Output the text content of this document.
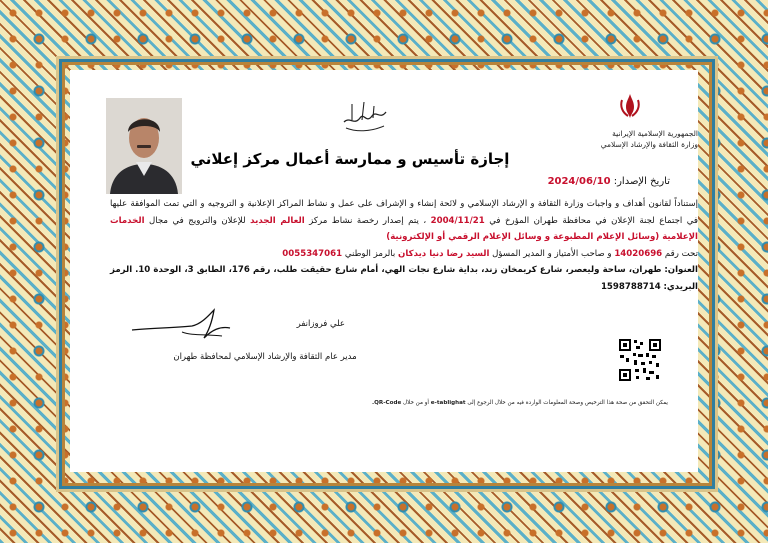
الجمهورية الإسلامية الإيرانية
وزارة الثقافة والإرشاد الإسلامي
إجازة تأسيس و ممارسة أعمال مركز إعلاني
تاريخ الإصدار: 2024/06/10
إستناداً لقانون أهداف و واجبات وزارة الثقافة و الإرشاد الإسلامي و لائحة إنشاء و الإشراف على عمل و نشاط المراكز الإعلانية و التروجيه و التي تمت الموافقة عليها في اجتماع لجنة الإعلان في محافظة طهران المؤرخ في 2004/11/21 ، يتم إصدار رخصة نشاط مركز العالم الجديد للإعلان والترويج في مجال الخدمات الإعلامية (وسائل الإعلام المطبوعة و وسائل الإعلام الرقمي أو الإلكترونية)
تحت رقم 14020696 و صاحب الأمتياز و المدير المسؤل السيد رضا دنيا ديدكان بالرمز الوطني 0055347061
العنوان: طهران، ساحة وليعصر، شارع كريمخان زند، بداية شارع نجات الهي، أمام شارع حقيقت طلب، رقم 176، الطابق 3، الوحدة 10. الرمز البريدي: 1598788714
علي فروزانفر
مدير عام الثقافة والإرشاد الإسلامي لمحافظة طهران
يمكن التحقق من صحة هذا الترخيص وصحة المعلومات الواردة فيه من خلال الرجوع إلى e-tablighat أو من خلال QR-Code.
